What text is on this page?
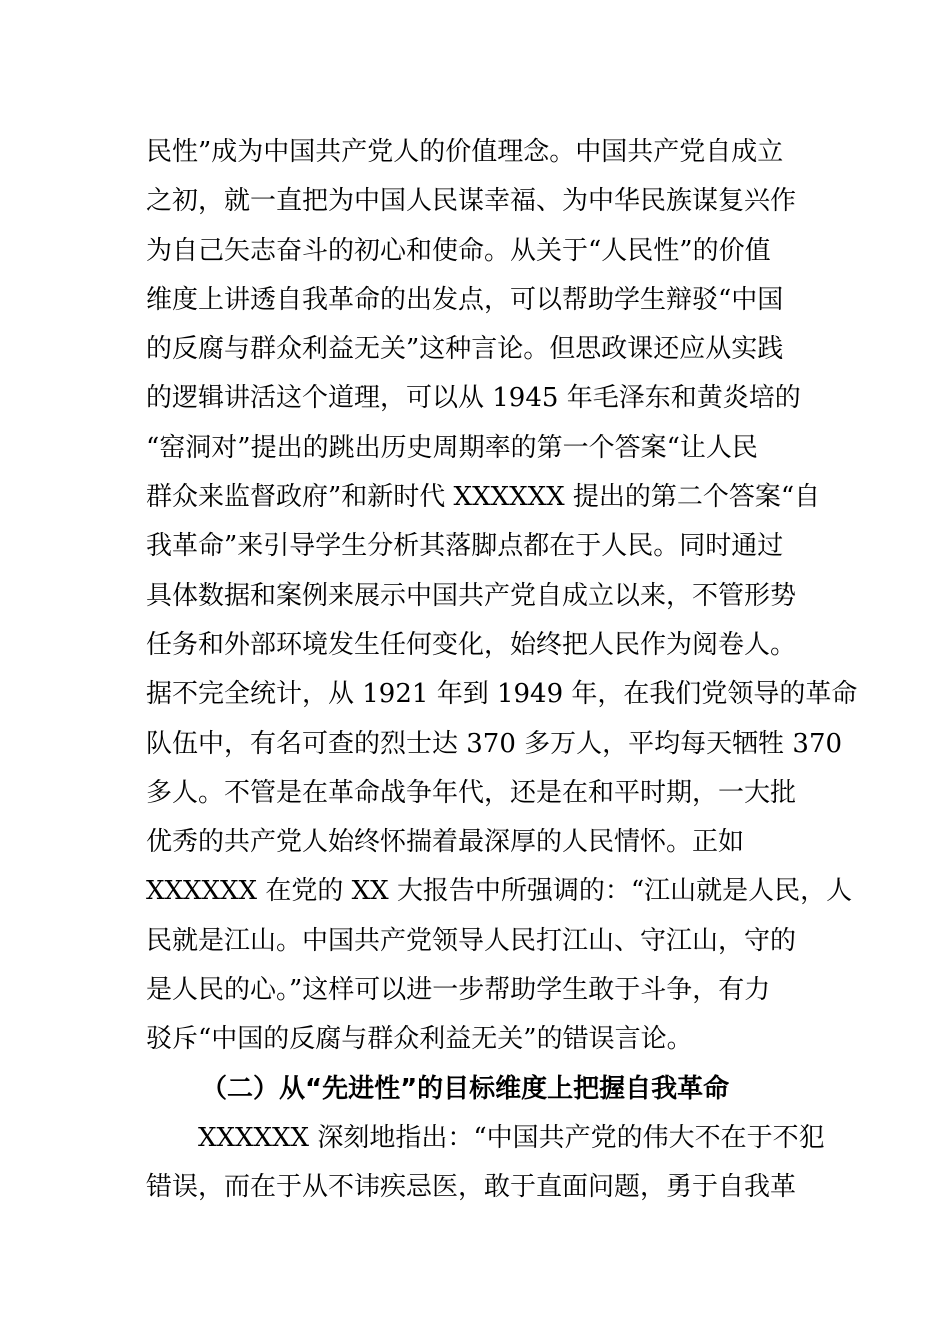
民性”成为中国共产党人的价值理念。中国共产党自成立
之初，就一直把为中国人民谋幸福、为中华民族谋复兴作
为自己矢志奋斗的初心和使命。从关于“人民性”的价值
维度上讲透自我革命的出发点，可以帮助学生辩驳“中国
的反腐与群众利益无关”这种言论。但思政课还应从实践
的逻辑讲活这个道理，可以从 1945 年毛泽东和黄炎培的
“窑洞对”提出的跳出历史周期率的第一个答案“让人民
群众来监督政府”和新时代 XXXXXX 提出的第二个答案“自
我革命”来引导学生分析其落脚点都在于人民。同时通过
具体数据和案例来展示中国共产党自成立以来，不管形势
任务和外部环境发生任何变化，始终把人民作为阅卷人。
据不完全统计，从 1921 年到 1949 年，在我们党领导的革命
队伍中，有名可查的烈士达 370 多万人，平均每天牺牲 370
多人。不管是在革命战争年代，还是在和平时期，一大批
优秀的共产党人始终怀揣着最深厚的人民情怀。正如
XXXXXX 在党的 XX 大报告中所强调的：“江山就是人民，人
民就是江山。中国共产党领导人民打江山、守江山，守的
是人民的心。”这样可以进一步帮助学生敢于斗争，有力
驳斥“中国的反腐与群众利益无关”的错误言论。
（二）从“先进性”的目标维度上把握自我革命
XXXXXX 深刻地指出：“中国共产党的伟大不在于不犯
错误，而在于从不讳疾忌医，敢于直面问题，勇于自我革
